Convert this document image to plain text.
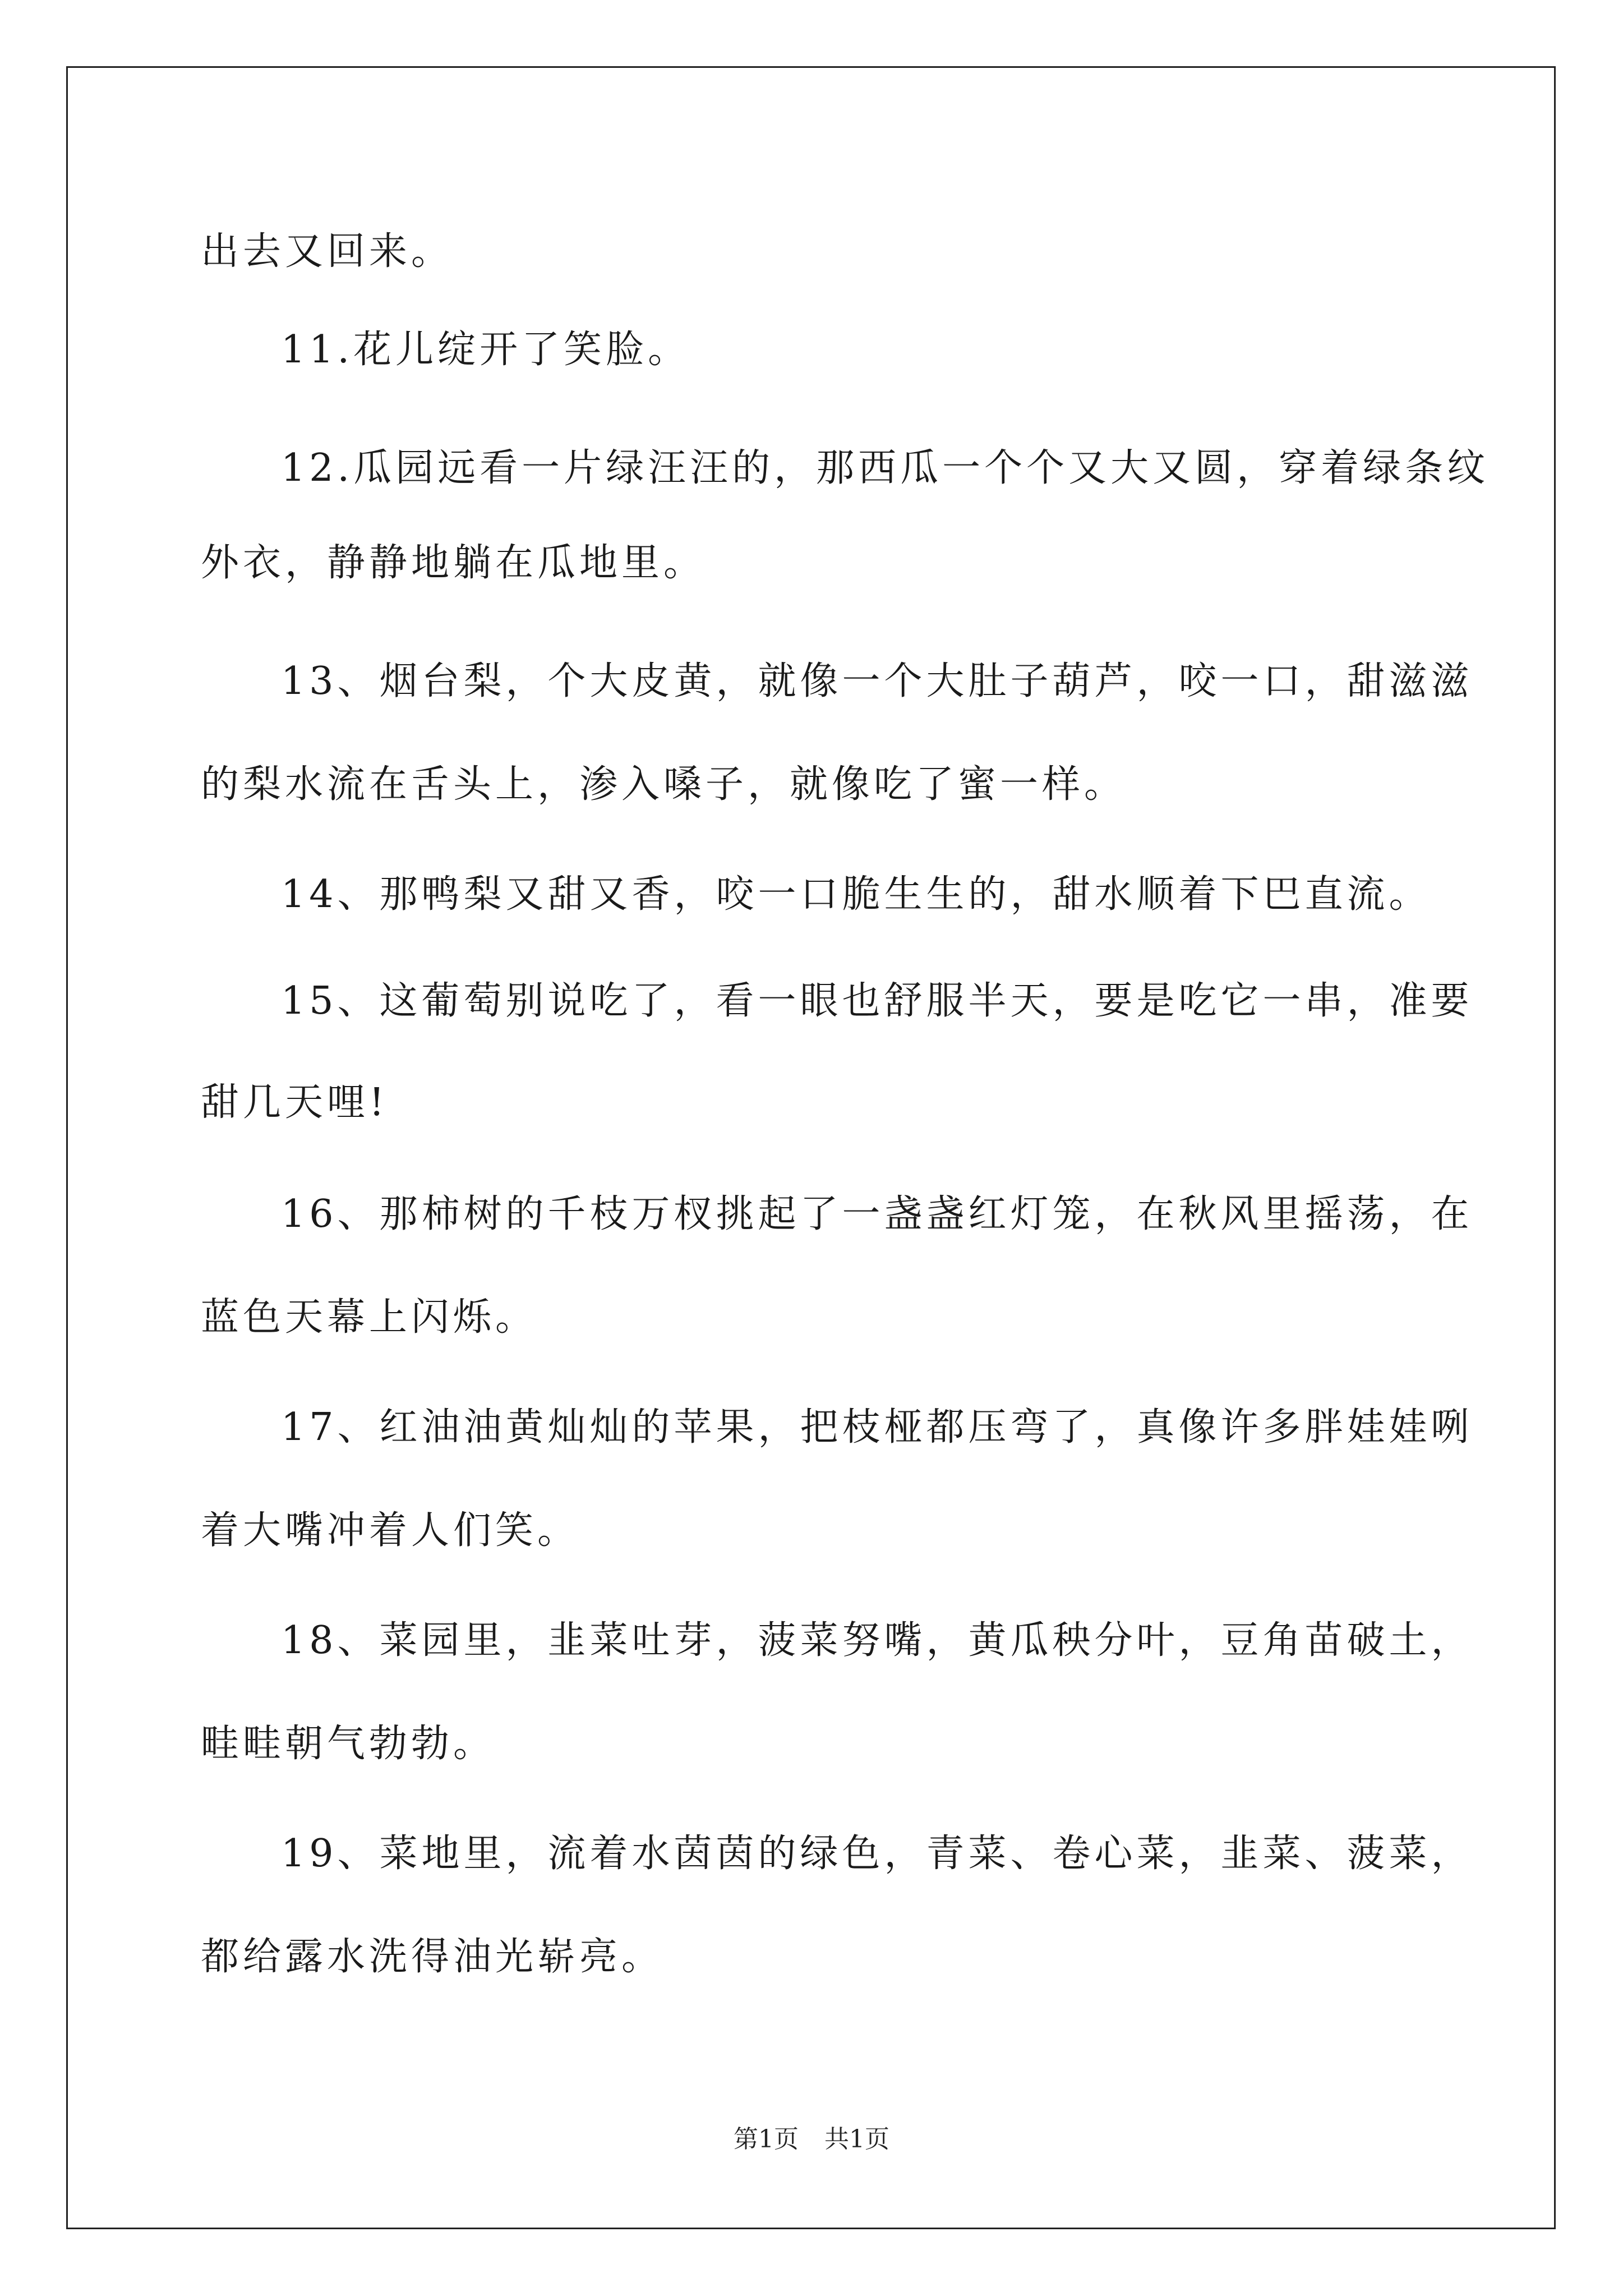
出去又回来。
11.花儿绽开了笑脸。
12.瓜园远看一片绿汪汪的，那西瓜一个个又大又圆，穿着绿条纹
外衣，静静地躺在瓜地里。
13、烟台梨，个大皮黄，就像一个大肚子葫芦，咬一口，甜滋滋
的梨水流在舌头上，渗入嗓子，就像吃了蜜一样。
14、那鸭梨又甜又香，咬一口脆生生的，甜水顺着下巴直流。
15、这葡萄别说吃了，看一眼也舒服半天，要是吃它一串，准要
甜几天哩!
16、那柿树的千枝万杈挑起了一盏盏红灯笼，在秋风里摇荡，在
蓝色天幕上闪烁。
17、红油油黄灿灿的苹果，把枝桠都压弯了，真像许多胖娃娃咧
着大嘴冲着人们笑。
18、菜园里，韭菜吐芽，菠菜努嘴，黄瓜秧分叶，豆角苗破土，
畦畦朝气勃勃。
19、菜地里，流着水茵茵的绿色，青菜、卷心菜，韭菜、菠菜，
都给露水洗得油光崭亮。
第1页 共1页
